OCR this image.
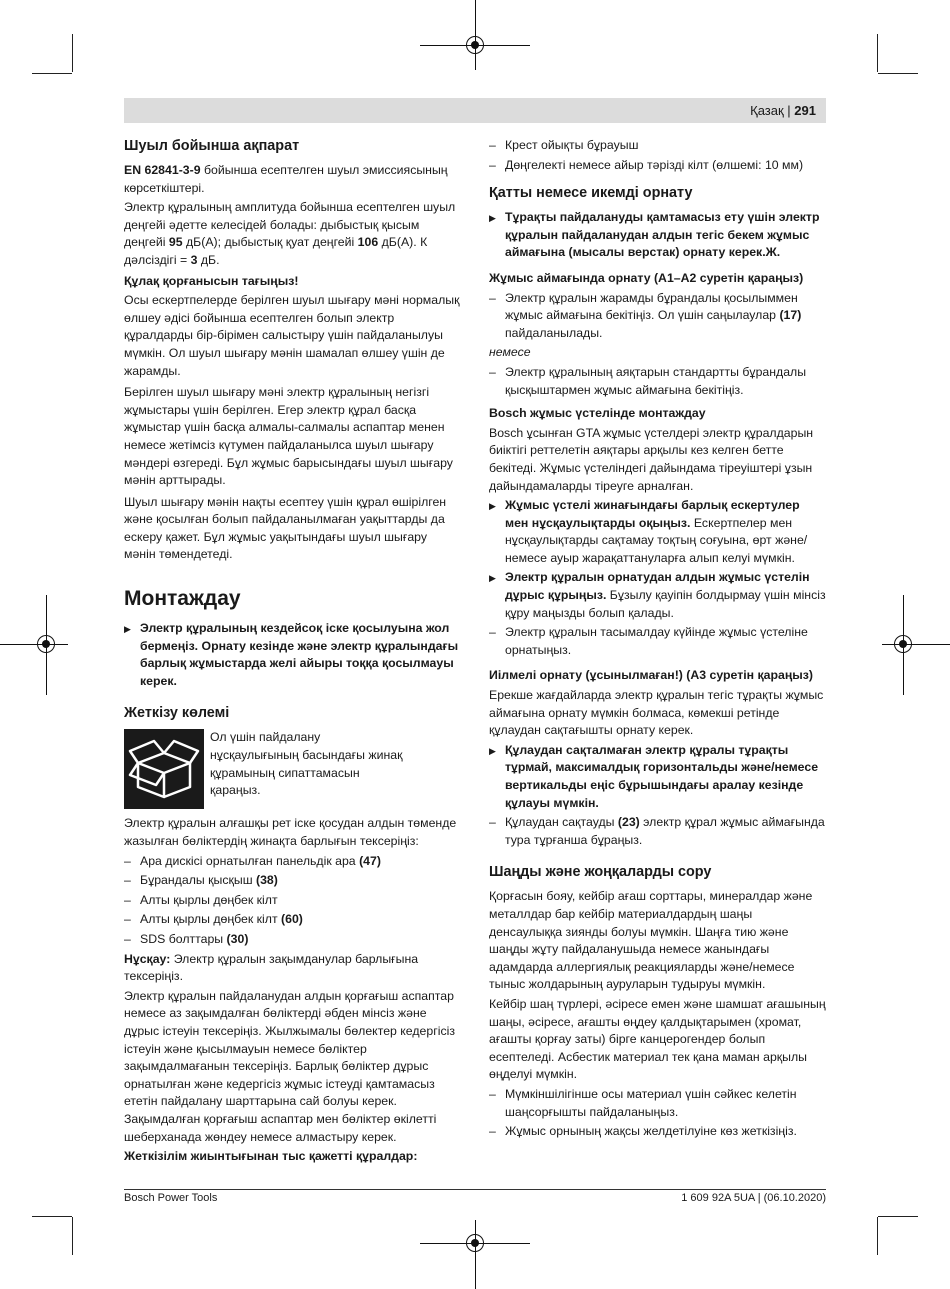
Қазақ | 291
Шуыл бойынша ақпарат

EN 62841-3-9 бойынша есептелген шуыл эмиссиясының көрсеткіштері.

Электр құралының амплитуда бойынша есептелген шуыл деңгейі әдетте келесідей болады: дыбыстық қысым деңгейі 95 дБ(A); дыбыстық қуат деңгейі 106 дБ(A). К дәлсіздігі = 3 дБ.

Құлақ қорғанысын тағыңыз!

Осы ескертпелерде берілген шуыл шығару мәні нормалық өлшеу әдісі бойынша есептелген болып электр құралдарды бір-бірімен салыстыру үшін пайдаланылуы мүмкін. Ол шуыл шығару мәнін шамалап өлшеу үшін де жарамды.

Берілген шуыл шығару мәні электр құралының негізгі жұмыстары үшін берілген. Егер электр құрал басқа жұмыстар үшін басқа алмалы-салмалы аспаптар менен немесе жетімсіз күтумен пайдаланылса шуыл шығару мәндері өзгереді. Бұл жұмыс барысындағы шуыл шығару мәнін арттырады.

Шуыл шығару мәнін нақты есептеу үшін құрал өшірілген және қосылған болып пайдаланылмаған уақыттарды да ескеру қажет. Бұл жұмыс уақытындағы шуыл шығару мәнін төмендетеді.

Монтаждау

▶ Электр құралының кездейсоқ іске қосылуына жол бермеңіз. Орнату кезінде және электр құралындағы барлық жұмыстарда желі айыры тоққа қосылмауы керек.

Жеткізу көлемі

Ол үшін пайдалану нұсқаулығының басындағы жинақ құрамының сипаттамасын қараңыз.

Электр құралын алғашқы рет іске қосудан алдын төменде жазылған бөліктердің жинақта барлығын тексеріңіз:

– Ара дискісі орнатылған панельдік ара (47)

– Бұрандалы қысқыш (38)

– Алты қырлы дөңбек кілт

– Алты қырлы дөңбек кілт (60)

– SDS болттары (30)

Нұсқау: Электр құралын зақымданулар барлығына тексеріңіз.

Электр құралын пайдаланудан алдын қорғағыш аспаптар немесе аз зақымдалған бөліктерді әбден мінсіз және дұрыс істеуін тексеріңіз. Жылжымалы бөлектер кедергісіз істеуін және қысылмауын немесе бөліктер зақымдалмағанын тексеріңіз. Барлық бөліктер дұрыс орнатылған және кедергісіз жұмыс істеуді қамтамасыз ететін пайдалану шарттарына сай болуы керек. Зақымдалған қорғағыш аспаптар мен бөліктер өкілетті шеберханада жөндеу немесе алмастыру керек.

Жеткізілім жиынтығынан тыс қажетті құралдар:

– Крест ойықты бұрауыш

– Дөңгелекті немесе айыр тәрізді кілт (өлшемі: 10 мм)

Қатты немесе икемді орнату

▶ Тұрақты пайдалануды қамтамасыз ету үшін электр құралын пайдаланудан алдын тегіс бекем жұмыс аймағына (мысалы верстак) орнату керек.Ж.

Жұмыс аймағында орнату (A1–A2 суретін қараңыз)

– Электр құралын жарамды бұрандалы қосылыммен жұмыс аймағына бекітіңіз. Ол үшін саңылаулар (17) пайдаланылады.

немесе

– Электр құралының аяқтарын стандартты бұрандалы қысқыштармен жұмыс аймағына бекітіңіз.

Bosch жұмыс үстелінде монтаждау

Bosch ұсынған GTA жұмыс үстелдері электр құралдарын биіктігі реттелетін аяқтары арқылы кез келген бетте бекітеді. Жұмыс үстеліндегі дайындама тіреуіштері ұзын дайындамаларды тіреуге арналған.

▶ Жұмыс үстелі жинағындағы барлық ескертулер мен нұсқаулықтарды оқыңыз. Ескертпелер мен нұсқаулықтарды сақтамау тоқтың соғуына, өрт және/немесе ауыр жарақаттануларға алып келуі мүмкін.

▶ Электр құралын орнатудан алдын жұмыс үстелін дұрыс құрыңыз. Бұзылу қауіпін болдырмау үшін мінсіз құру маңызды болып қалады.

– Электр құралын тасымалдау күйінде жұмыс үстеліне орнатыңыз.

Иілмелі орнату (ұсынылмаған!) (A3 суретін қараңыз)

Ерекше жағдайларда электр құралын тегіс тұрақты жұмыс аймағына орнату мүмкін болмаса, көмекші ретінде құлаудан сақтағышты орнату керек.

▶ Құлаудан сақталмаған электр құралы тұрақты тұрмай, максималдық горизонтальды және/немесе вертикальды еңіс бұрышындағы аралау кезінде құлауы мүмкін.

– Құлаудан сақтауды (23) электр құрал жұмыс аймағында тура тұрғанша бұраңыз.

Шаңды және жоңқаларды сору

Қорғасын бояу, кейбір ағаш сорттары, минералдар және металлдар бар кейбір материалдардың шаңы денсаулыққа зиянды болуы мүмкін. Шаңға тию және шаңды жұту пайдаланушыда немесе жанындағы адамдарда аллергиялық реакцияларды және/немесе тыныс жолдарының ауруларын тудыруы мүмкін.

Кейбір шаң түрлері, әсіресе емен және шамшат ағашының шаңы, әсіресе, ағашты өңдеу қалдықтарымен (хромат, ағашты қорғау заты) бірге канцерогендер болып есептеледі. Асбестик материал тек қана маман арқылы өңделуі мүмкін.

– Мүмкіншілігінше осы материал үшін сәйкес келетін шаңсорғышты пайдаланыңыз.

– Жұмыс орнының жақсы желдетілуіне көз жеткізіңіз.

Bosch Power Tools	1 609 92A 5UA | (06.10.2020)
